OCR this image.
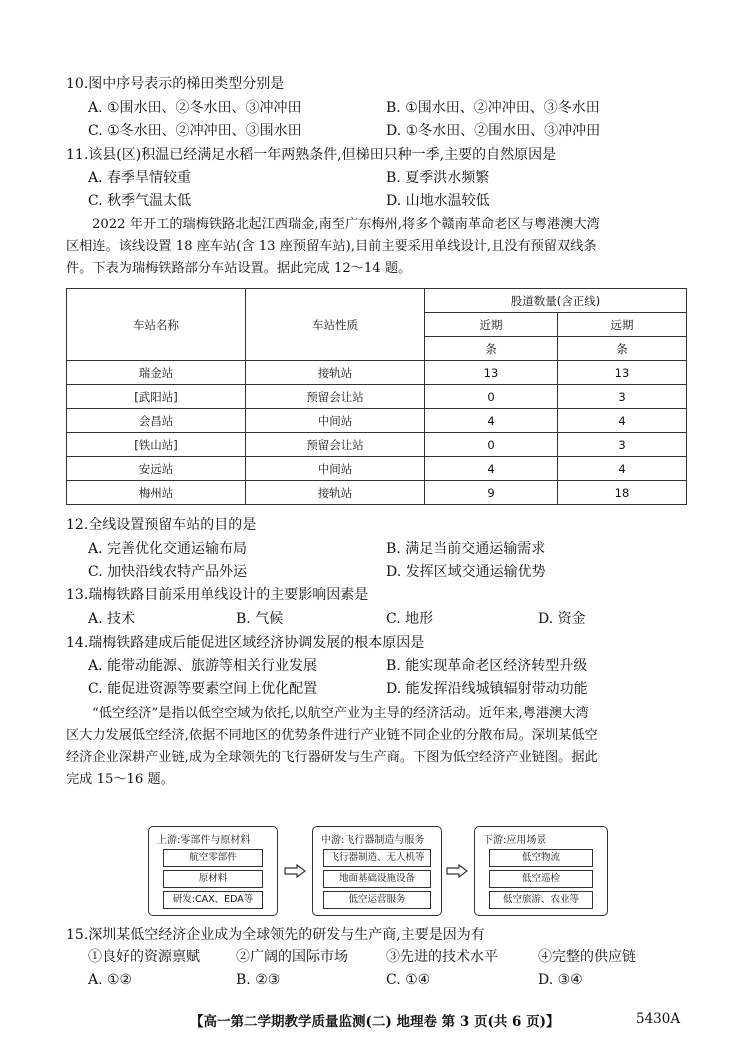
10.图中序号表示的梯田类型分别是
A. ①围水田、②冬水田、③冲冲田	B. ①围水田、②冲冲田、③冬水田
C. ①冬水田、②冲冲田、③围水田	D. ①冬水田、②围水田、③冲冲田
11.该县(区)积温已经满足水稻一年两熟条件,但梯田只种一季,主要的自然原因是
A. 春季旱情较重	B. 夏季洪水频繁
C. 秋季气温太低	D. 山地水温较低
2022 年开工的瑞梅铁路北起江西瑞金,南至广东梅州,将多个赣南革命老区与粤港澳大湾
区相连。该线设置 18 座车站(含 13 座预留车站),目前主要采用单线设计,且没有预留双线条
件。下表为瑞梅铁路部分车站设置。据此完成 12～14 题。
车站名称	车站性质	股道数量(含正线)	
		近期	远期
		条	条
瑞金站	接轨站	13	13
[武阳站]	预留会让站	0	3
会昌站	中间站	4	4
[铁山站]	预留会让站	0	3
安远站	中间站	4	4
梅州站	接轨站	9	18
12.全线设置预留车站的目的是
A. 完善优化交通运输布局	B. 满足当前交通运输需求
C. 加快沿线农特产品外运	D. 发挥区域交通运输优势
13.瑞梅铁路目前采用单线设计的主要影响因素是
A. 技术	B. 气候	C. 地形	D. 资金
14.瑞梅铁路建成后能促进区域经济协调发展的根本原因是
A. 能带动能源、旅游等相关行业发展	B. 能实现革命老区经济转型升级
C. 能促进资源等要素空间上优化配置	D. 能发挥沿线城镇辐射带动功能
“低空经济”是指以低空空域为依托,以航空产业为主导的经济活动。近年来,粤港澳大湾
区大力发展低空经济,依据不同地区的优势条件进行产业链不同企业的分散布局。深圳某低空
经济企业深耕产业链,成为全球领先的飞行器研发与生产商。下图为低空经济产业链图。据此
完成 15～16 题。
上游:零部件与原材料
航空零部件
原材料
研发:CAX、EDA等
中游:飞行器制造与服务
飞行器制造、无人机等
地面基础设施设备
低空运营服务
下游:应用场景
低空物流
低空巡检
低空旅游、农业等
15.深圳某低空经济企业成为全球领先的研发与生产商,主要是因为有
①良好的资源禀赋	②广阔的国际市场	③先进的技术水平	④完整的供应链
A. ①②	B. ②③	C. ①④	D. ③④
【高一第二学期教学质量监测(二) 地理卷 第 3 页(共 6 页)】	5430A
